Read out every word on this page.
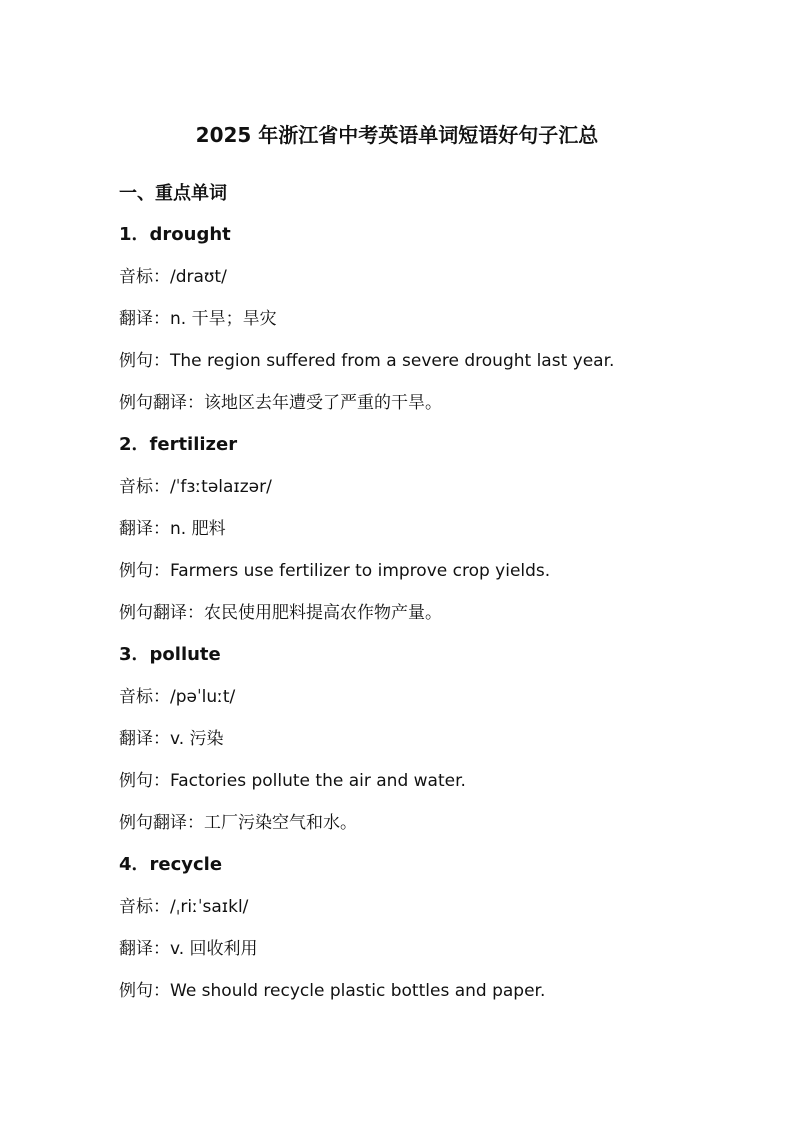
2025 年浙江省中考英语单词短语好句子汇总
一、重点单词
1．drought
音标：/draʊt/
翻译：n. 干旱；旱灾
例句：The region suffered from a severe drought last year.
例句翻译：该地区去年遭受了严重的干旱。
2．fertilizer
音标：/ˈfɜːtəlaɪzər/
翻译：n. 肥料
例句：Farmers use fertilizer to improve crop yields.
例句翻译：农民使用肥料提高农作物产量。
3．pollute
音标：/pəˈluːt/
翻译：v. 污染
例句：Factories pollute the air and water.
例句翻译：工厂污染空气和水。
4．recycle
音标：/ˌriːˈsaɪkl/
翻译：v. 回收利用
例句：We should recycle plastic bottles and paper.
